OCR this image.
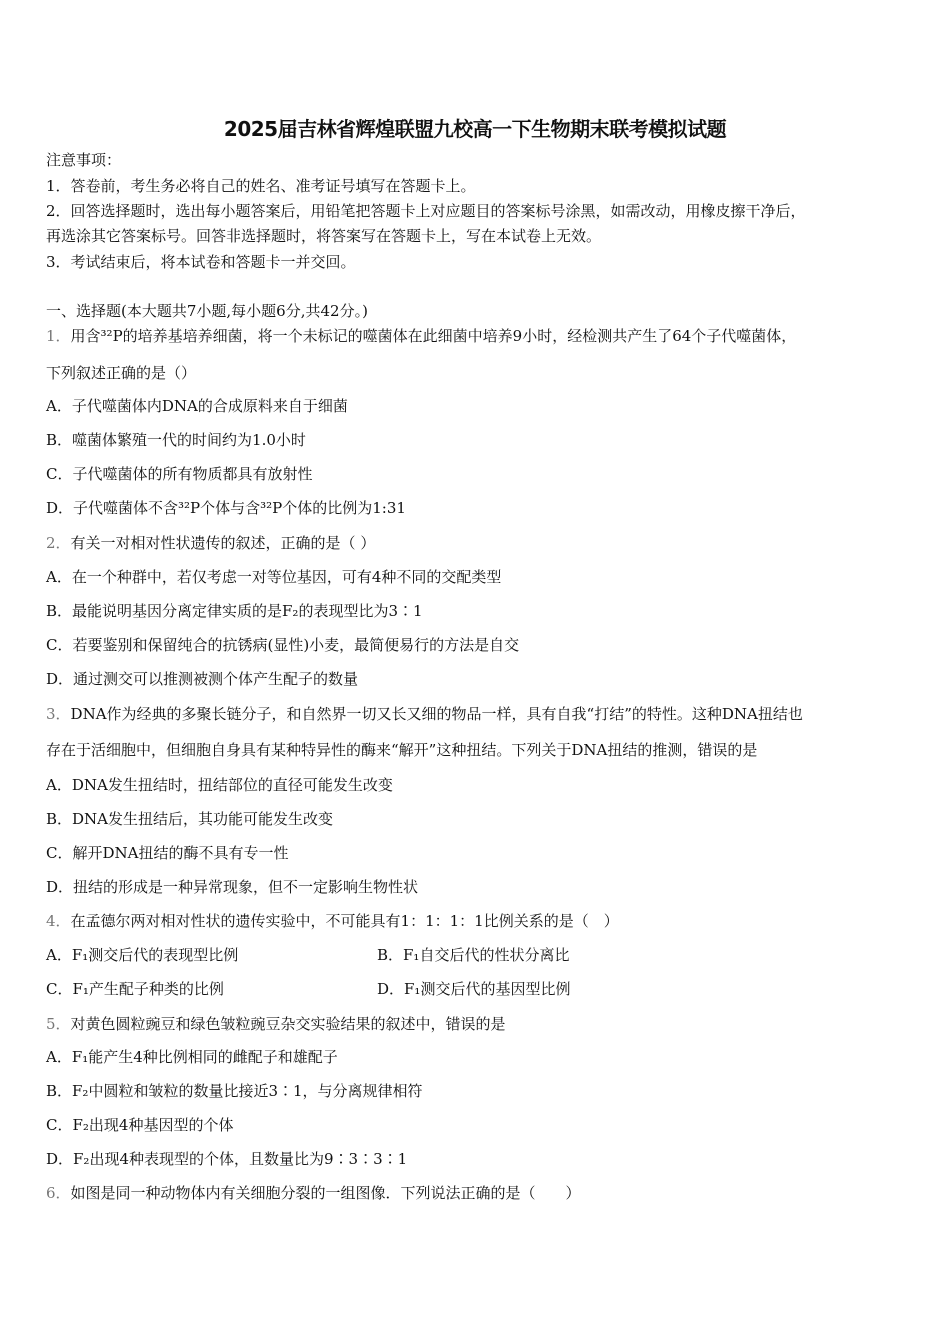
2025届吉林省辉煌联盟九校高一下生物期末联考模拟试题
注意事项：
1．答卷前，考生务必将自己的姓名、准考证号填写在答题卡上。
2．回答选择题时，选出每小题答案后，用铅笔把答题卡上对应题目的答案标号涂黑，如需改动，用橡皮擦干净后，
再选涂其它答案标号。回答非选择题时，将答案写在答题卡上，写在本试卷上无效。
3．考试结束后，将本试卷和答题卡一并交回。
一、选择题(本大题共7小题,每小题6分,共42分。)
1．用含³²P的培养基培养细菌，将一个未标记的噬菌体在此细菌中培养9小时，经检测共产生了64个子代噬菌体，
下列叙述正确的是（）
A．子代噬菌体内DNA的合成原料来自于细菌
B．噬菌体繁殖一代的时间约为1.0小时
C．子代噬菌体的所有物质都具有放射性
D．子代噬菌体不含³²P个体与含³²P个体的比例为1:31
2．有关一对相对性状遗传的叙述，正确的是（ ）
A．在一个种群中，若仅考虑一对等位基因，可有4种不同的交配类型
B．最能说明基因分离定律实质的是F₂的表现型比为3∶1
C．若要鉴别和保留纯合的抗锈病(显性)小麦，最简便易行的方法是自交
D．通过测交可以推测被测个体产生配子的数量
3．DNA作为经典的多聚长链分子，和自然界一切又长又细的物品一样，具有自我“打结”的特性。这种DNA扭结也
存在于活细胞中，但细胞自身具有某种特异性的酶来“解开”这种扭结。下列关于DNA扭结的推测，错误的是
A．DNA发生扭结时，扭结部位的直径可能发生改变
B．DNA发生扭结后，其功能可能发生改变
C．解开DNA扭结的酶不具有专一性
D．扭结的形成是一种异常现象，但不一定影响生物性状
4．在孟德尔两对相对性状的遗传实验中，不可能具有1：1：1：1比例关系的是（　）
A．F₁测交后代的表现型比例	B．F₁自交后代的性状分离比
C．F₁产生配子种类的比例	D．F₁测交后代的基因型比例
5．对黄色圆粒豌豆和绿色皱粒豌豆杂交实验结果的叙述中，错误的是
A．F₁能产生4种比例相同的雌配子和雄配子
B．F₂中圆粒和皱粒的数量比接近3∶1，与分离规律相符
C．F₂出现4种基因型的个体
D．F₂出现4种表现型的个体，且数量比为9∶3∶3∶1
6．如图是同一种动物体内有关细胞分裂的一组图像．下列说法正确的是（　　）
